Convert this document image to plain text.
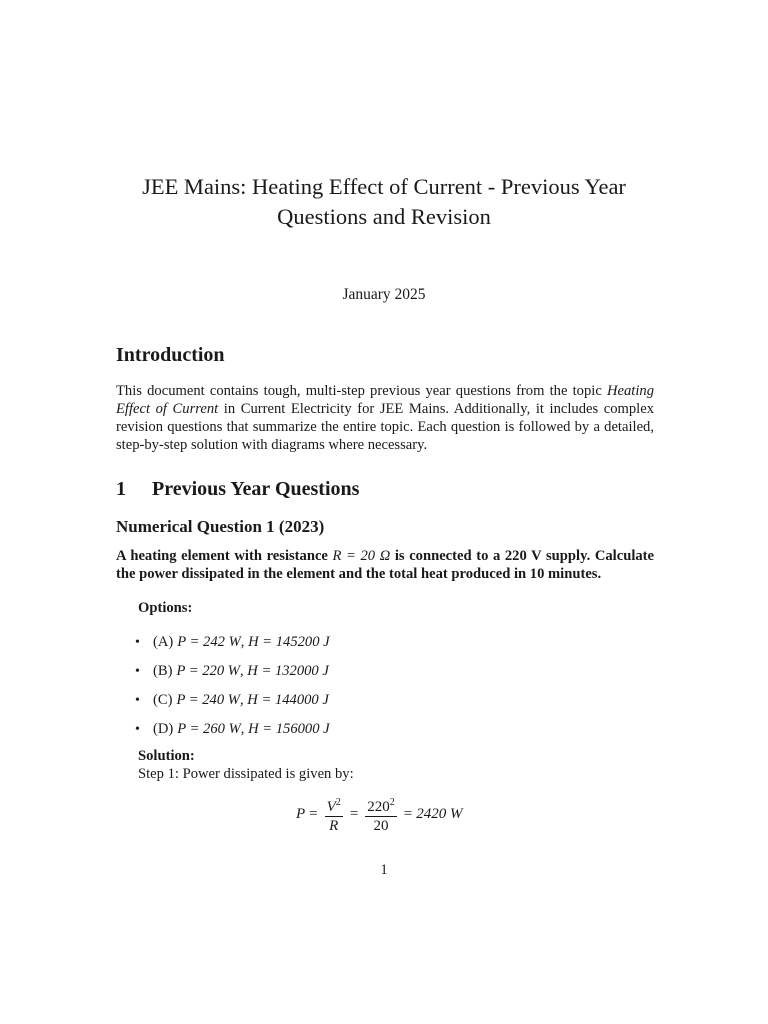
JEE Mains: Heating Effect of Current - Previous Year Questions and Revision
January 2025
Introduction
This document contains tough, multi-step previous year questions from the topic Heating Effect of Current in Current Electricity for JEE Mains. Additionally, it includes complex revision questions that summarize the entire topic. Each question is followed by a detailed, step-by-step solution with diagrams where necessary.
1 Previous Year Questions
Numerical Question 1 (2023)
A heating element with resistance R = 20 Ω is connected to a 220 V supply. Calculate the power dissipated in the element and the total heat produced in 10 minutes.
Options:
• (A) P = 242 W , H = 145200 J
• (B) P = 220 W , H = 132000 J
• (C) P = 240 W , H = 144000 J
• (D) P = 260 W , H = 156000 J
Solution:
Step 1: Power dissipated is given by:
$P = \frac{V^2}{R} = \frac{220^2}{20} = 2420$ W
1
